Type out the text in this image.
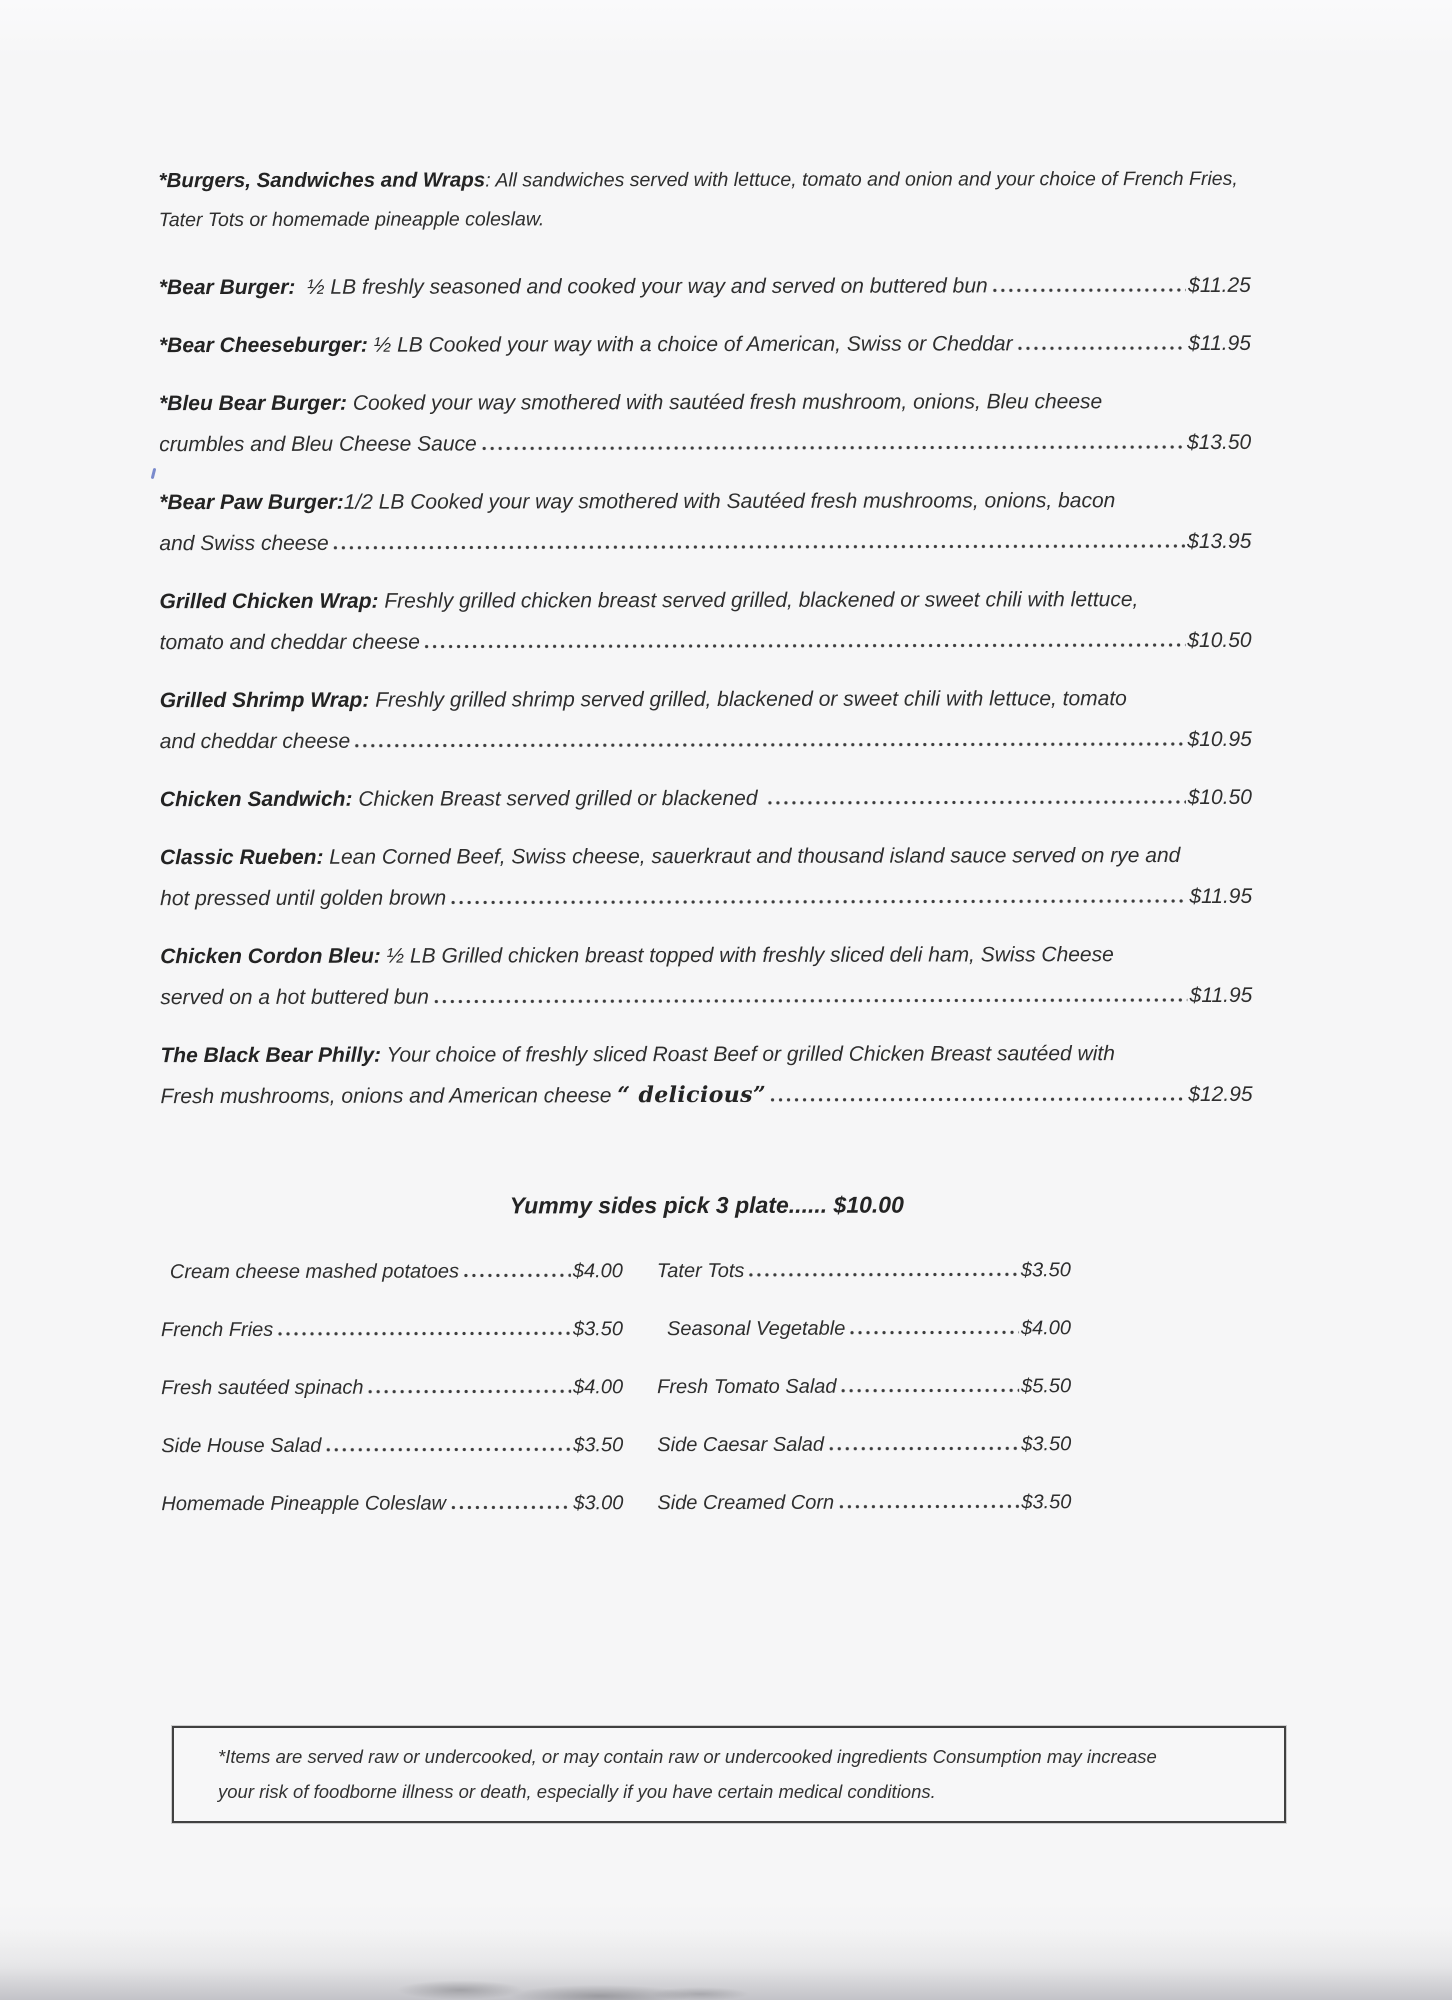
*Burgers, Sandwiches and Wraps: All sandwiches served with lettuce, tomato and onion and your choice of French Fries,
Tater Tots or homemade pineapple coleslaw.

*Bear Burger: ½ LB freshly seasoned and cooked your way and served on buttered bun	$11.25
*Bear Cheeseburger: ½ LB Cooked your way with a choice of American, Swiss or Cheddar	$11.95
*Bleu Bear Burger: Cooked your way smothered with sautéed fresh mushroom, onions, Bleu cheese
crumbles and Bleu Cheese Sauce	$13.50
*Bear Paw Burger:1/2 LB Cooked your way smothered with Sautéed fresh mushrooms, onions, bacon
and Swiss cheese	$13.95
Grilled Chicken Wrap: Freshly grilled chicken breast served grilled, blackened or sweet chili with lettuce,
tomato and cheddar cheese	$10.50
Grilled Shrimp Wrap: Freshly grilled shrimp served grilled, blackened or sweet chili with lettuce, tomato
and cheddar cheese	$10.95
Chicken Sandwich: Chicken Breast served grilled or blackened	$10.50
Classic Rueben: Lean Corned Beef, Swiss cheese, sauerkraut and thousand island sauce served on rye and
hot pressed until golden brown	$11.95
Chicken Cordon Bleu: ½ LB Grilled chicken breast topped with freshly sliced deli ham, Swiss Cheese
served on a hot buttered bun	$11.95
The Black Bear Philly: Your choice of freshly sliced Roast Beef or grilled Chicken Breast sautéed with
Fresh mushrooms, onions and American cheese “ delicious”	$12.95
Yummy sides pick 3 plate...... $10.00
Cream cheese mashed potatoes	$4.00
French Fries	$3.50
Fresh sautéed spinach	$4.00
Side House Salad	$3.50
Homemade Pineapple Coleslaw	$3.00
Tater Tots	$3.50
Seasonal Vegetable	$4.00
Fresh Tomato Salad	$5.50
Side Caesar Salad	$3.50
Side Creamed Corn	$3.50
*Items are served raw or undercooked, or may contain raw or undercooked ingredients Consumption may increase
your risk of foodborne illness or death, especially if you have certain medical conditions.
